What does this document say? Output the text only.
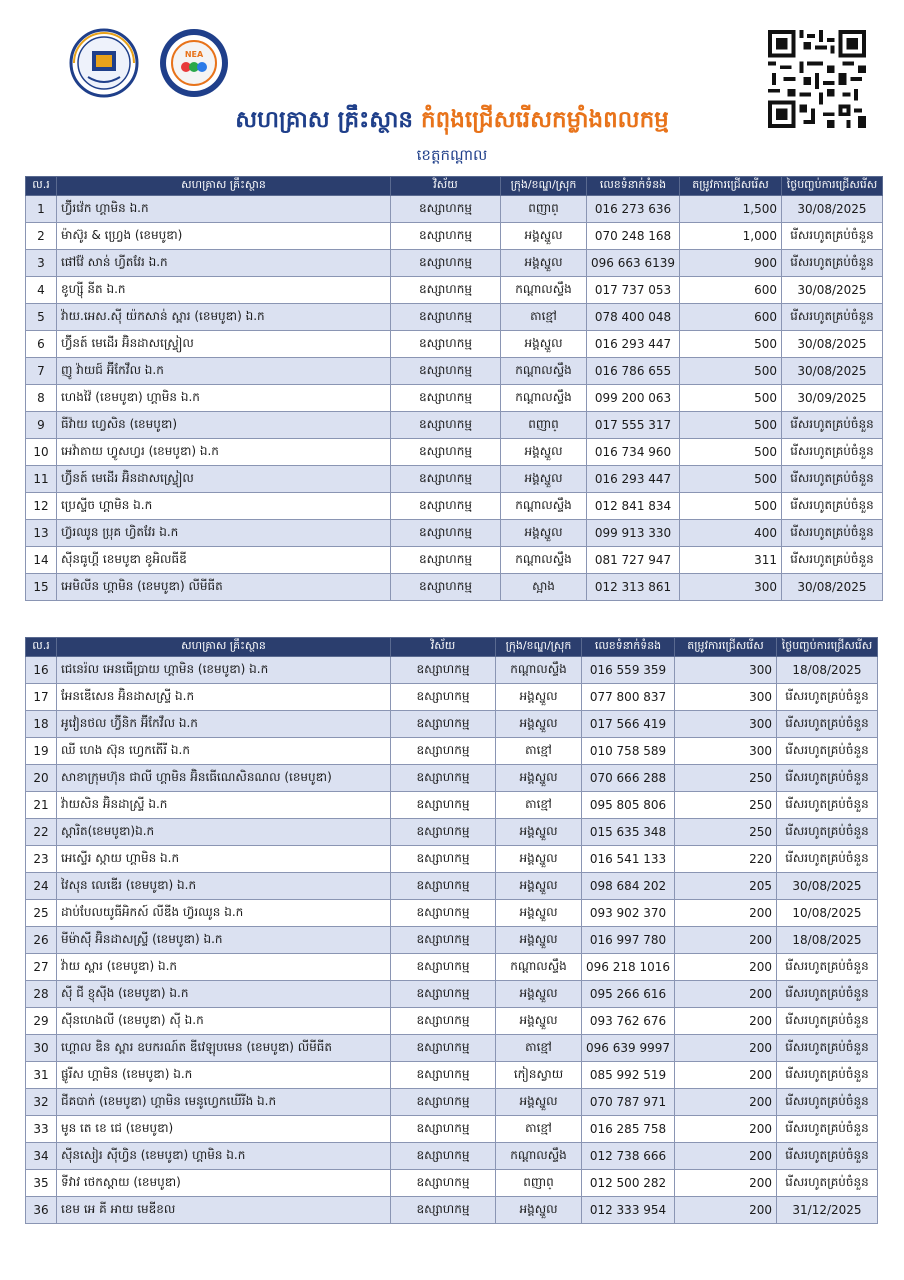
NEA
សហគ្រាស គ្រឹះស្ថាន កំពុងជ្រើសរើសកម្លាំងពលកម្ម
ខេត្តកណ្ដាល
ល.រ	សហគ្រាស គ្រឹះស្ថាន	វិស័យ	ក្រុង/ខណ្ឌ/ស្រុក	លេខទំនាក់ទំនង	តម្រូវការជ្រើសរើស	ថ្ងៃបញ្ចប់ការជ្រើសរើស
1	ហ្វ៊ីរវ៉េក ហ្គាមិន ឯ.ក	ឧស្សាហកម្ម	ពញាព្	016 273 636	1,500	30/08/2025
2	ម៉ាស៊ូរ & ហ្វ្រេង (ខេមបូឌា)	ឧស្សាហកម្ម	អង្គស្នួល	070 248 168	1,000	រើសរហូតគ្រប់ចំនួន
3	ផៅវ៉ែ សាន់ ហ្វីតវែរ ឯ.ក	ឧស្សាហកម្ម	អង្គស្នួល	096 663 6139	900	រើសរហូតគ្រប់ចំនួន
4	ខូហ្ស៊ី នីត ឯ.ក	ឧស្សាហកម្ម	កណ្ដាលស្ទឹង	017 737 053	600	30/08/2025
5	វ៉ាយ.អេស.ស៊ី យ៉កសាន់ ស្ពារ (ខេមបូឌា) ឯ.ក	ឧស្សាហកម្ម	តាខ្មៅ	078 400 048	600	រើសរហូតគ្រប់ចំនួន
6	ហ្វ៊ីនត៍ មេដើរ អ៊ិនដាសស្ទ្រៀល	ឧស្សាហកម្ម	អង្គស្នួល	016 293 447	500	30/08/2025
7	ញូ វ៉ាយជ៍ អ៊ីកែវឹល ឯ.ក	ឧស្សាហកម្ម	កណ្ដាលស្ទឹង	016 786 655	500	30/08/2025
8	ហេងវ៉ៃ (ខេមបូឌា) ហ្គាមិន ឯ.ក	ឧស្សាហកម្ម	កណ្ដាលស្ទឹង	099 200 063	500	30/09/2025
9	ធីវ៉ាយ ហ្វេសិន (ខេមបូឌា)	ឧស្សាហកម្ម	ពញាព្	017 555 317	500	រើសរហូតគ្រប់ចំនួន
10	អេវ៉ាតាយ ហ្វូសហ្វរ (ខេមបូឌា) ឯ.ក	ឧស្សាហកម្ម	អង្គស្នួល	016 734 960	500	រើសរហូតគ្រប់ចំនួន
11	ហ្វ៊ីនត៍ មេដើរ អ៊ិនដាសស្ទ្រៀល	ឧស្សាហកម្ម	អង្គស្នួល	016 293 447	500	រើសរហូតគ្រប់ចំនួន
12	ប្រេស្ទីច ហ្គាមិន ឯ.ក	ឧស្សាហកម្ម	កណ្ដាលស្ទឹង	012 841 834	500	រើសរហូតគ្រប់ចំនួន
13	ហ៊្វរឈូន ប្រុគ ហ្វិតវែរ ឯ.ក	ឧស្សាហកម្ម	អង្គស្នួល	099 913 330	400	រើសរហូតគ្រប់ចំនួន
14	ស៊ីនធូហ្គី ខេមបូឌា ខូអិលធីឌី	ឧស្សាហកម្ម	កណ្ដាលស្ទឹង	081 727 947	311	រើសរហូតគ្រប់ចំនួន
15	អេមិលីន ហ្គាមិន (ខេមបូឌា) លីមីធីត	ឧស្សាហកម្ម	ស្អាង	012 313 861	300	30/08/2025
ល.រ	សហគ្រាស គ្រឹះស្ថាន	វិស័យ	ក្រុង/ខណ្ឌ/ស្រុក	លេខទំនាក់ទំនង	តម្រូវការជ្រើសរើស	ថ្ងៃបញ្ចប់ការជ្រើសរើស
16	ជេនេរ៉ល អេនធើប្រាយ ហ្គាមិន (ខេមបូឌា) ឯ.ក	ឧស្សាហកម្ម	កណ្ដាលស្ទឹង	016 559 359	300	18/08/2025
17	អែនឌើសេន អ៊ិនដាសស្ទ្រី ឯ.ក	ឧស្សាហកម្ម	អង្គស្នួល	077 800 837	300	រើសរហូតគ្រប់ចំនួន
18	អូវៀនថល ហ្វ៊ីនិក អ៊ីកែវឹល ឯ.ក	ឧស្សាហកម្ម	អង្គស្នួល	017 566 419	300	រើសរហូតគ្រប់ចំនួន
19	ឈី ហេង ស៊ុន ហ្វេកតើរី ឯ.ក	ឧស្សាហកម្ម	តាខ្មៅ	010 758 589	300	រើសរហូតគ្រប់ចំនួន
20	សាខាក្រុមហ៊ុន ជាលី ហ្គាមិន អ៊ិនធើណេសិនណល (ខេមបូឌា)	ឧស្សាហកម្ម	អង្គស្នួល	070 666 288	250	រើសរហូតគ្រប់ចំនួន
21	វ៉ាយសិន អ៊ិនដាស្ទ្រី ឯ.ក	ឧស្សាហកម្ម	តាខ្មៅ	095 805 806	250	រើសរហូតគ្រប់ចំនួន
22	ស្តារិត(ខេមបូឌា)ឯ.ក	ឧស្សាហកម្ម	អង្គស្នួល	015 635 348	250	រើសរហូតគ្រប់ចំនួន
23	អេស្ទើរ ស្កាយ ហ្គាមិន ឯ.ក	ឧស្សាហកម្ម	អង្គស្នួល	016 541 133	220	រើសរហូតគ្រប់ចំនួន
24	វៃសុន លេឌើរ (ខេមបូឌា) ឯ.ក	ឧស្សាហកម្ម	អង្គស្នួល	098 684 202	205	30/08/2025
25	ដាប់បែលយូធីអិកស៍ លីឌីង ហ៊្វរឈូន ឯ.ក	ឧស្សាហកម្ម	អង្គស្នួល	093 902 370	200	10/08/2025
26	មីម៉ាស៊ី អ៊ិនដាសស្ទ្រី (ខេមបូឌា) ឯ.ក	ឧស្សាហកម្ម	អង្គស្នួល	016 997 780	200	18/08/2025
27	វ៉ាយ ស្ពារ (ខេមបូឌា) ឯ.ក	ឧស្សាហកម្ម	កណ្ដាលស្ទឹង	096 218 1016	200	រើសរហូតគ្រប់ចំនួន
28	ស៊ី ជី ខ្ញុស៊ីង (ខេមបូឌា) ឯ.ក	ឧស្សាហកម្ម	អង្គស្នួល	095 266 616	200	រើសរហូតគ្រប់ចំនួន
29	ស៊ីនហេងលី (ខេមបូឌា) ស៊ី ឯ.ក	ឧស្សាហកម្ម	អង្គស្នួល	093 762 676	200	រើសរហូតគ្រប់ចំនួន
30	ហ្គោល ឌិន ស្ពារ ឧបករណ៍ត ឌីវេឡុបមេន (ខេមបូឌា) លីមីធីត	ឧស្សាហកម្ម	តាខ្មៅ	096 639 9997	200	រើសរហូតគ្រប់ចំនួន
31	ផ្លូរីស ហ្គាមិន (ខេមបូឌា) ឯ.ក	ឧស្សាហកម្ម	កៀនស្វាយ	085 992 519	200	រើសរហូតគ្រប់ចំនួន
32	ជីគបាក់ (ខេមបូឌា) ហ្គាមិន មេនូហ្វេកឃើរីង ឯ.ក	ឧស្សាហកម្ម	អង្គស្នួល	070 787 971	200	រើសរហូតគ្រប់ចំនួន
33	មូន តេ ខេ ជេ (ខេមបូឌា)	ឧស្សាហកម្ម	តាខ្មៅ	016 285 758	200	រើសរហូតគ្រប់ចំនួន
34	ស៊ីនសៀរ ស៊ីហ្វិន (ខេមបូឌា) ហ្គាមិន ឯ.ក	ឧស្សាហកម្ម	កណ្ដាលស្ទឹង	012 738 666	200	រើសរហូតគ្រប់ចំនួន
35	ទីវាវ ថេកស្តាយ (ខេមបូឌា)	ឧស្សាហកម្ម	ពញាព្	012 500 282	200	រើសរហូតគ្រប់ចំនួន
36	ខេម អេ គី អាយ មេឌីខល	ឧស្សាហកម្ម	អង្គស្នួល	012 333 954	200	31/12/2025
